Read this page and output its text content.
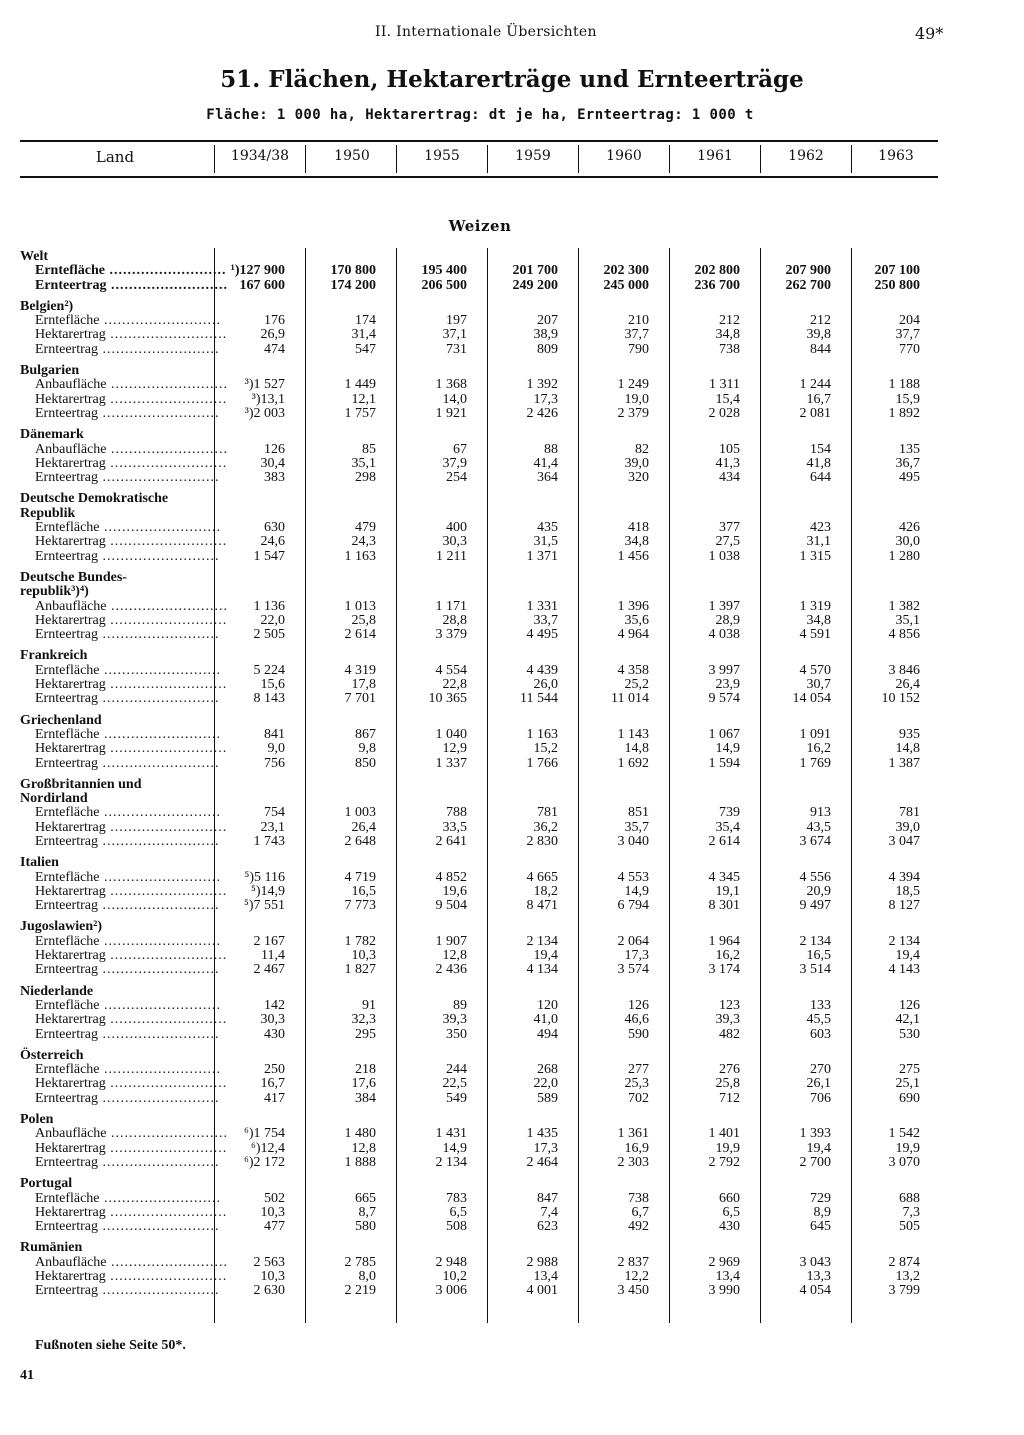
II. Internationale Übersichten	49*
51. Flächen, Hektarerträge und Ernteerträge
Fläche: 1 000 ha, Hektarertrag: dt je ha, Ernteertrag: 1 000 t
Land	1934/38	1950	1955	1959	1960	1961	1962	1963
Weizen
Welt
Erntefläche .......................... ¹)127 900	170 800	195 400	201 700	202 300	202 800	207 900	207 100
Ernteertrag .......................... 167 600	174 200	206 500	249 200	245 000	236 700	262 700	250 800
Belgien²)
Erntefläche ..........................	176	174	197	207	210	212	212	204
Hektarertrag ..........................	26,9	31,4	37,1	38,9	37,7	34,8	39,8	37,7
Ernteertrag ..........................	474	547	731	809	790	738	844	770
Bulgarien
Anbaufläche ..........................	³)1 527	1 449	1 368	1 392	1 249	1 311	1 244	1 188
Hektarertrag ..........................	³)13,1	12,1	14,0	17,3	19,0	15,4	16,7	15,9
Ernteertrag ..........................	³)2 003	1 757	1 921	2 426	2 379	2 028	2 081	1 892
Dänemark
Anbaufläche ..........................	126	85	67	88	82	105	154	135
Hektarertrag ..........................	30,4	35,1	37,9	41,4	39,0	41,3	41,8	36,7
Ernteertrag ..........................	383	298	254	364	320	434	644	495
Deutsche Demokratische
Republik
Erntefläche ..........................	630	479	400	435	418	377	423	426
Hektarertrag ..........................	24,6	24,3	30,3	31,5	34,8	27,5	31,1	30,0
Ernteertrag ..........................	1 547	1 163	1 211	1 371	1 456	1 038	1 315	1 280
Deutsche Bundes-
republik³)⁴)
Anbaufläche ..........................	1 136	1 013	1 171	1 331	1 396	1 397	1 319	1 382
Hektarertrag ..........................	22,0	25,8	28,8	33,7	35,6	28,9	34,8	35,1
Ernteertrag ..........................	2 505	2 614	3 379	4 495	4 964	4 038	4 591	4 856
Frankreich
Erntefläche ..........................	5 224	4 319	4 554	4 439	4 358	3 997	4 570	3 846
Hektarertrag ..........................	15,6	17,8	22,8	26,0	25,2	23,9	30,7	26,4
Ernteertrag ..........................	8 143	7 701	10 365	11 544	11 014	9 574	14 054	10 152
Griechenland
Erntefläche ..........................	841	867	1 040	1 163	1 143	1 067	1 091	935
Hektarertrag ..........................	9,0	9,8	12,9	15,2	14,8	14,9	16,2	14,8
Ernteertrag ..........................	756	850	1 337	1 766	1 692	1 594	1 769	1 387
Großbritannien und
Nordirland
Erntefläche ..........................	754	1 003	788	781	851	739	913	781
Hektarertrag ..........................	23,1	26,4	33,5	36,2	35,7	35,4	43,5	39,0
Ernteertrag ..........................	1 743	2 648	2 641	2 830	3 040	2 614	3 674	3 047
Italien
Erntefläche ..........................	⁵)5 116	4 719	4 852	4 665	4 553	4 345	4 556	4 394
Hektarertrag ..........................	⁵)14,9	16,5	19,6	18,2	14,9	19,1	20,9	18,5
Ernteertrag ..........................	⁵)7 551	7 773	9 504	8 471	6 794	8 301	9 497	8 127
Jugoslawien²)
Erntefläche ..........................	2 167	1 782	1 907	2 134	2 064	1 964	2 134	2 134
Hektarertrag ..........................	11,4	10,3	12,8	19,4	17,3	16,2	16,5	19,4
Ernteertrag ..........................	2 467	1 827	2 436	4 134	3 574	3 174	3 514	4 143
Niederlande
Erntefläche ..........................	142	91	89	120	126	123	133	126
Hektarertrag ..........................	30,3	32,3	39,3	41,0	46,6	39,3	45,5	42,1
Ernteertrag ..........................	430	295	350	494	590	482	603	530
Österreich
Erntefläche ..........................	250	218	244	268	277	276	270	275
Hektarertrag ..........................	16,7	17,6	22,5	22,0	25,3	25,8	26,1	25,1
Ernteertrag ..........................	417	384	549	589	702	712	706	690
Polen
Anbaufläche ..........................	⁶)1 754	1 480	1 431	1 435	1 361	1 401	1 393	1 542
Hektarertrag ..........................	⁶)12,4	12,8	14,9	17,3	16,9	19,9	19,4	19,9
Ernteertrag ..........................	⁶)2 172	1 888	2 134	2 464	2 303	2 792	2 700	3 070
Portugal
Erntefläche ..........................	502	665	783	847	738	660	729	688
Hektarertrag ..........................	10,3	8,7	6,5	7,4	6,7	6,5	8,9	7,3
Ernteertrag ..........................	477	580	508	623	492	430	645	505
Rumänien
Anbaufläche ..........................	2 563	2 785	2 948	2 988	2 837	2 969	3 043	2 874
Hektarertrag ..........................	10,3	8,0	10,2	13,4	12,2	13,4	13,3	13,2
Ernteertrag ..........................	2 630	2 219	3 006	4 001	3 450	3 990	4 054	3 799
Fußnoten siehe Seite 50*.
41
